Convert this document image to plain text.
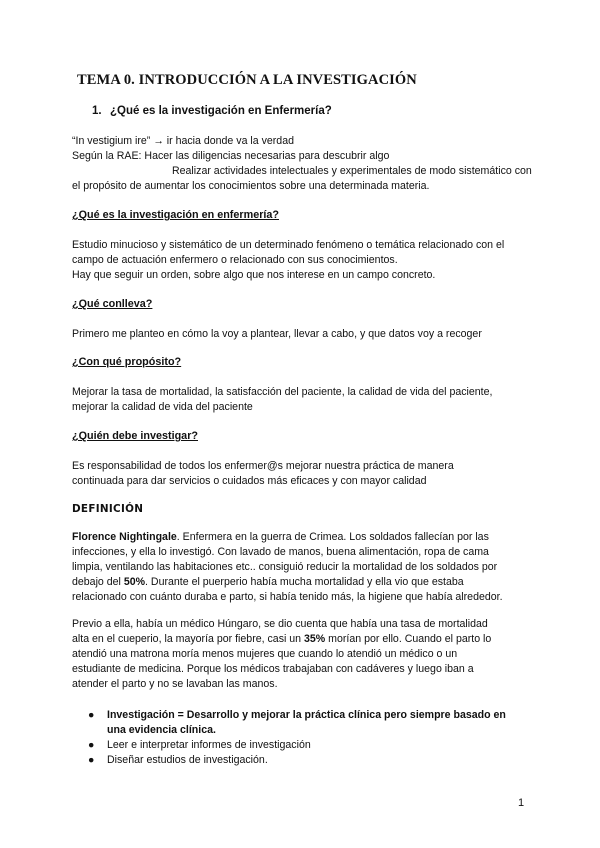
TEMA 0. INTRODUCCIÓN A LA INVESTIGACIÓN
1. ¿Qué es la investigación en Enfermería?
“In vestigium ire” → ir hacia donde va la verdad
Según la RAE: Hacer las diligencias necesarias para descubrir algo
Realizar actividades intelectuales y experimentales de modo sistemático con
el propósito de aumentar los conocimientos sobre una determinada materia.
¿Qué es la investigación en enfermería?
Estudio minucioso y sistemático de un determinado fenómeno o temática relacionado con el
campo de actuación enfermero o relacionado con sus conocimientos.
Hay que seguir un orden, sobre algo que nos interese en un campo concreto.
¿Qué conlleva?
Primero me planteo en cómo la voy a plantear, llevar a cabo, y que datos voy a recoger
¿Con qué propósito?
Mejorar la tasa de mortalidad, la satisfacción del paciente, la calidad de vida del paciente,
mejorar la calidad de vida del paciente
¿Quién debe investigar?
Es responsabilidad de todos los enfermer@s mejorar nuestra práctica de manera
continuada para dar servicios o cuidados más eficaces y con mayor calidad
DEFINICIÓN
Florence Nightingale. Enfermera en la guerra de Crimea. Los soldados fallecían por las
infecciones, y ella lo investigó. Con lavado de manos, buena alimentación, ropa de cama
limpia, ventilando las habitaciones etc.. consiguió reducir la mortalidad de los soldados por
debajo del 50%. Durante el puerperio había mucha mortalidad y ella vio que estaba
relacionado con cuánto duraba e parto, si había tenido más, la higiene que había alrededor.
Previo a ella, había un médico Húngaro, se dio cuenta que había una tasa de mortalidad
alta en el cueperio, la mayoría por fiebre, casi un 35% morían por ello. Cuando el parto lo
atendió una matrona moría menos mujeres que cuando lo atendió un médico o un
estudiante de medicina. Porque los médicos trabajaban con cadáveres y luego iban a
atender el parto y no se lavaban las manos.
● Investigación = Desarrollo y mejorar la práctica clínica pero siempre basado en
una evidencia clínica.
● Leer e interpretar informes de investigación
● Diseñar estudios de investigación.
1
